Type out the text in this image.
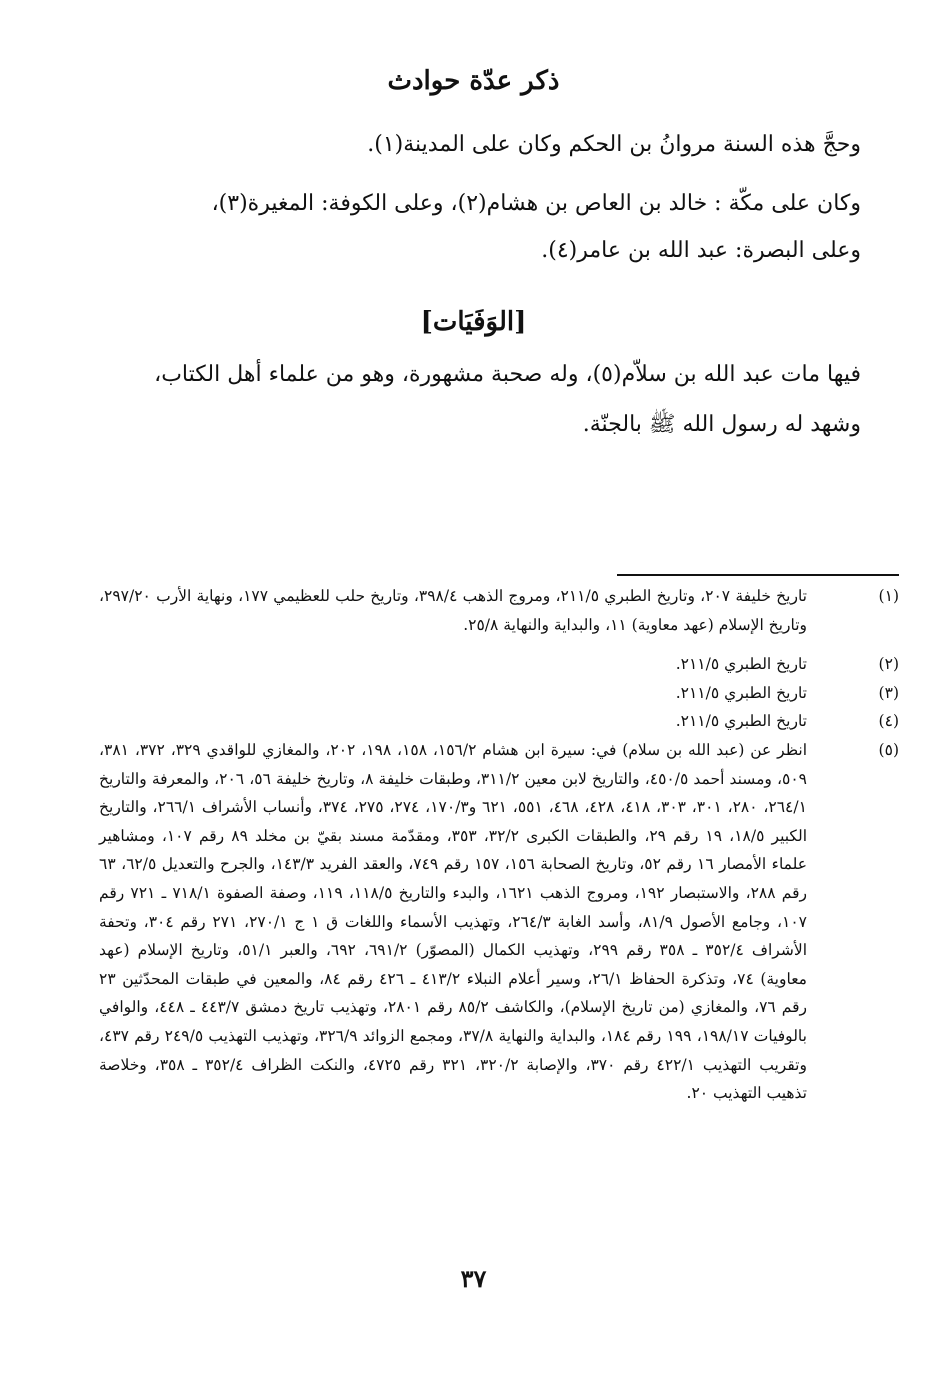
ذكر عدّة حوادث
وحجَّ هذه السنة مروانُ بن الحكم وكان على المدينة(١).
وكان على مكّة : خالد بن العاص بن هشام(٢)، وعلى الكوفة: المغيرة(٣)،
وعلى البصرة: عبد الله بن عامر(٤).
[الوَفَيَات]
فيها مات عبد الله بن سلاّم(٥)، وله صحبة مشهورة، وهو من علماء أهل الكتاب،
وشهد له رسول الله ﷺ بالجنّة.
(١)
تاريخ خليفة ٢٠٧، وتاريخ الطبري ٢١١/٥، ومروج الذهب ٣٩٨/٤، وتاريخ حلب للعظيمي ١٧٧، ونهاية الأرب ٢٩٧/٢٠، وتاريخ الإسلام (عهد معاوية) ١١، والبداية والنهاية ٢٥/٨.
(٢)
تاريخ الطبري ٢١١/٥.
(٣)
تاريخ الطبري ٢١١/٥.
(٤)
تاريخ الطبري ٢١١/٥.
(٥)
انظر عن (عبد الله بن سلام) في: سيرة ابن هشام ١٥٦/٢، ١٥٨، ١٩٨، ٢٠٢، والمغازي للواقدي ٣٢٩، ٣٧٢، ٣٨١، ٥٠٩، ومسند أحمد ٤٥٠/٥، والتاريخ لابن معين ٣١١/٢، وطبقات خليفة ٨، وتاريخ خليفة ٥٦، ٢٠٦، والمعرفة والتاريخ ٢٦٤/١، ٢٨٠، ٣٠١، ٣٠٣، ٤١٨، ٤٢٨، ٤٦٨، ٥٥١، ٦٢١ و١٧٠/٣، ٢٧٤، ٢٧٥، ٣٧٤، وأنساب الأشراف ٢٦٦/١، والتاريخ الكبير ١٨/٥، ١٩ رقم ٢٩، والطبقات الكبرى ٣٢/٢، ٣٥٣، ومقدّمة مسند بقيّ بن مخلد ٨٩ رقم ١٠٧، ومشاهير علماء الأمصار ١٦ رقم ٥٢، وتاريخ الصحابة ١٥٦، ١٥٧ رقم ٧٤٩، والعقد الفريد ١٤٣/٣، والجرح والتعديل ٦٢/٥، ٦٣ رقم ٢٨٨، والاستبصار ١٩٢، ومروج الذهب ١٦٢١، والبدء والتاريخ ١١٨/٥، ١١٩، وصفة الصفوة ٧١٨/١ ـ ٧٢١ رقم ١٠٧، وجامع الأصول ٨١/٩، وأسد الغابة ٢٦٤/٣، وتهذيب الأسماء واللغات ق ١ ج ٢٧٠/١، ٢٧١ رقم ٣٠٤، وتحفة الأشراف ٣٥٢/٤ ـ ٣٥٨ رقم ٢٩٩، وتهذيب الكمال (المصوّر) ٦٩١/٢، ٦٩٢، والعبر ٥١/١، وتاريخ الإسلام (عهد معاوية) ٧٤، وتذكرة الحفاظ ٢٦/١، وسير أعلام النبلاء ٤١٣/٢ ـ ٤٢٦ رقم ٨٤، والمعين في طبقات المحدّثين ٢٣ رقم ٧٦، والمغازي (من تاريخ الإسلام)، والكاشف ٨٥/٢ رقم ٢٨٠١، وتهذيب تاريخ دمشق ٤٤٣/٧ ـ ٤٤٨، والوافي بالوفيات ١٩٨/١٧، ١٩٩ رقم ١٨٤، والبداية والنهاية ٣٧/٨، ومجمع الزوائد ٣٢٦/٩، وتهذيب التهذيب ٢٤٩/٥ رقم ٤٣٧، وتقريب التهذيب ٤٢٢/١ رقم ٣٧٠، والإصابة ٣٢٠/٢، ٣٢١ رقم ٤٧٢٥، والنكت الظراف ٣٥٢/٤ ـ ٣٥٨، وخلاصة تذهيب التهذيب ٢٠.
٣٧
